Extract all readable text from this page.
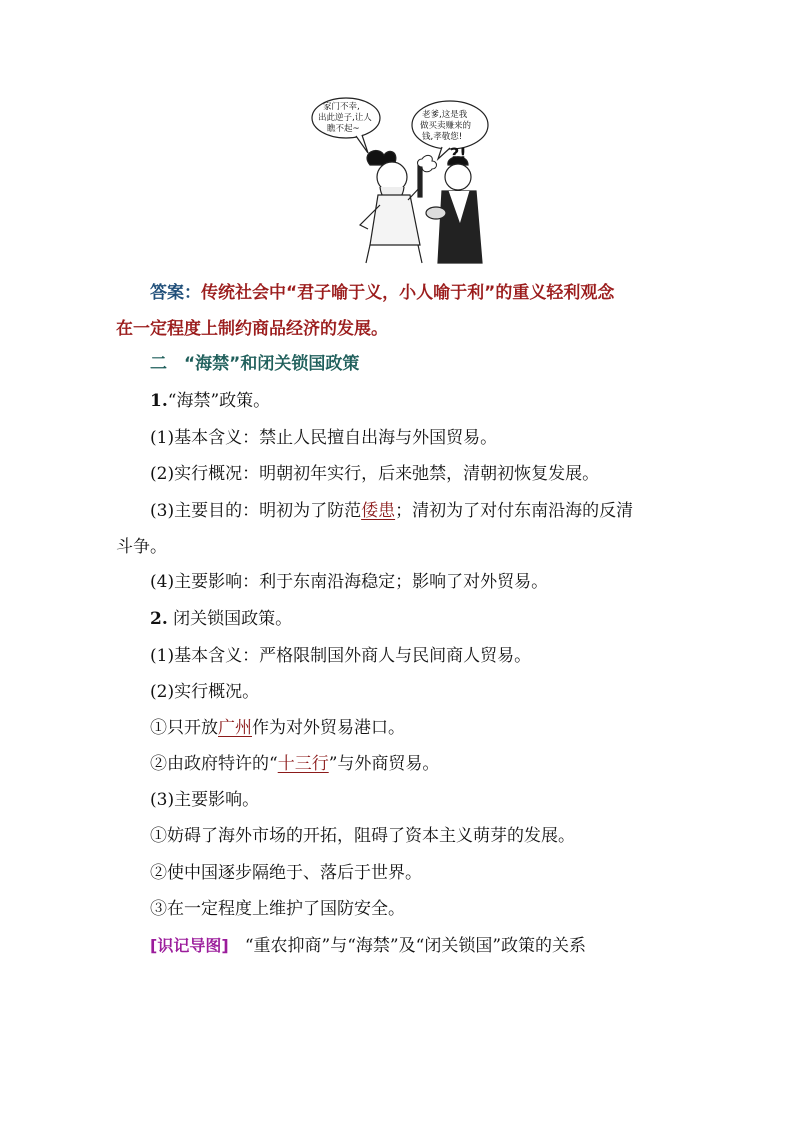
家门不幸,
出此逆子,让人
瞧不起~
老爹,这是我
做买卖赚来的
钱,孝敬您!
?!
答案：传统社会中“君子喻于义，小人喻于利”的重义轻利观念
在一定程度上制约商品经济的发展。
二　“海禁”和闭关锁国政策
1.“海禁”政策。
(1)基本含义：禁止人民擅自出海与外国贸易。
(2)实行概况：明朝初年实行，后来弛禁，清朝初恢复发展。
(3)主要目的：明初为了防范倭患；清初为了对付东南沿海的反清
斗争。
(4)主要影响：利于东南沿海稳定；影响了对外贸易。
2. 闭关锁国政策。
(1)基本含义：严格限制国外商人与民间商人贸易。
(2)实行概况。
①只开放广州作为对外贸易港口。
②由政府特许的“十三行”与外商贸易。
(3)主要影响。
①妨碍了海外市场的开拓，阻碍了资本主义萌芽的发展。
②使中国逐步隔绝于、落后于世界。
③在一定程度上维护了国防安全。
[识记导图] “重农抑商”与“海禁”及“闭关锁国”政策的关系
